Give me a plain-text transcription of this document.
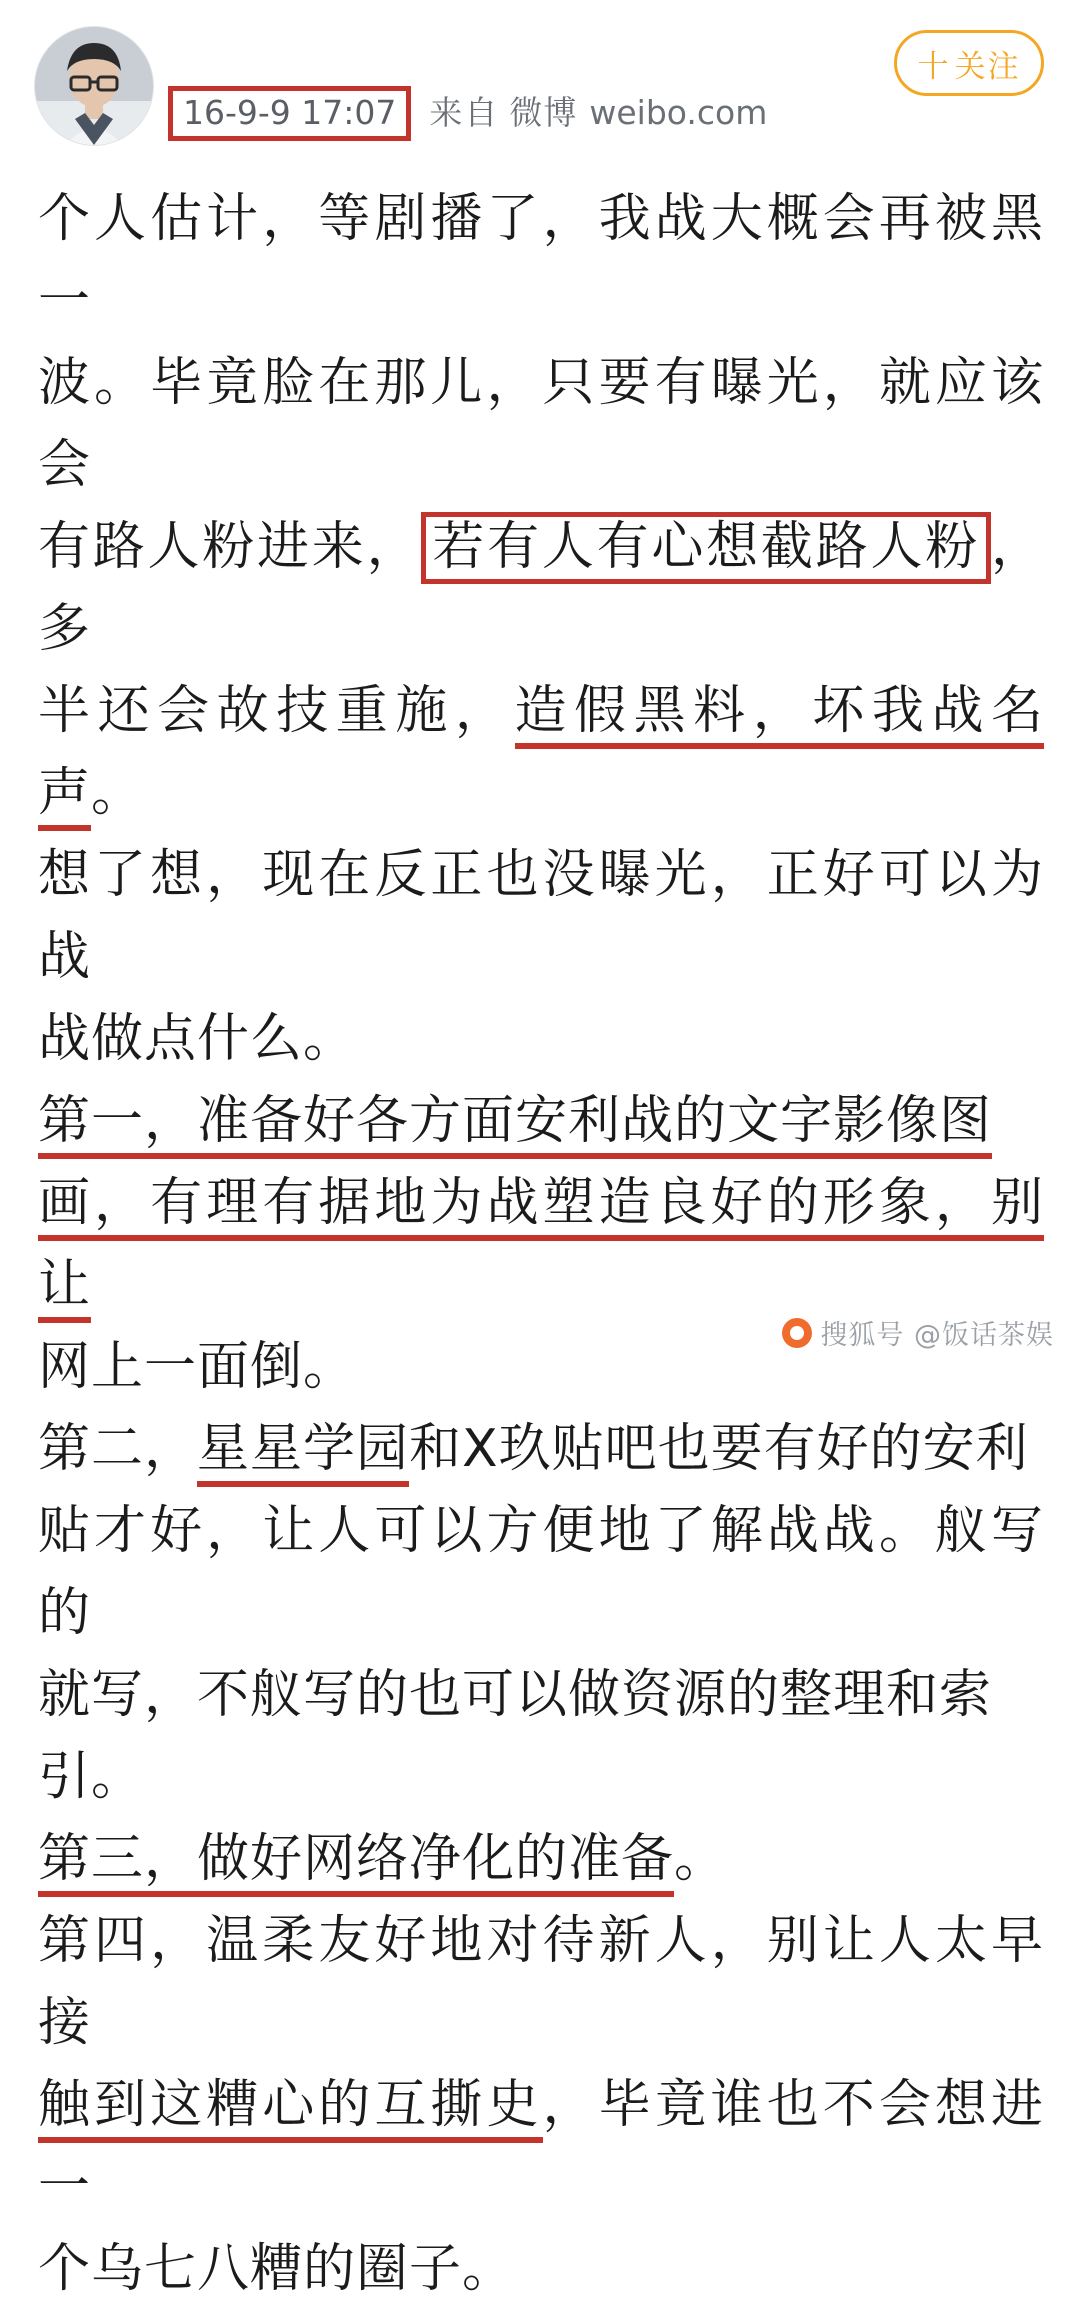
16-9-9 17:07	来自 微博 weibo.com
十 关注
个人估计，等剧播了，我战大概会再被黑一
波。毕竟脸在那儿，只要有曝光，就应该会
有路人粉进来， 若有人有心想截路人粉 ，多
半还会故技重施，造假黑料，坏我战名声。
想了想，现在反正也没曝光，正好可以为战
战做点什么。
第一，准备好各方面安利战的文字影像图
画，有理有据地为战塑造良好的形象，别让
网上一面倒。
第二，星星学园和X玖贴吧也要有好的安利
贴才好，让人可以方便地了解战战。舣写的
就写，不舣写的也可以做资源的整理和索
引。
第三，做好网络净化的准备。
第四，温柔友好地对待新人，别让人太早接
触到这糟心的互撕史，毕竟谁也不会想进一
个乌七八糟的圈子。
搜狐号 @饭话茶娱
